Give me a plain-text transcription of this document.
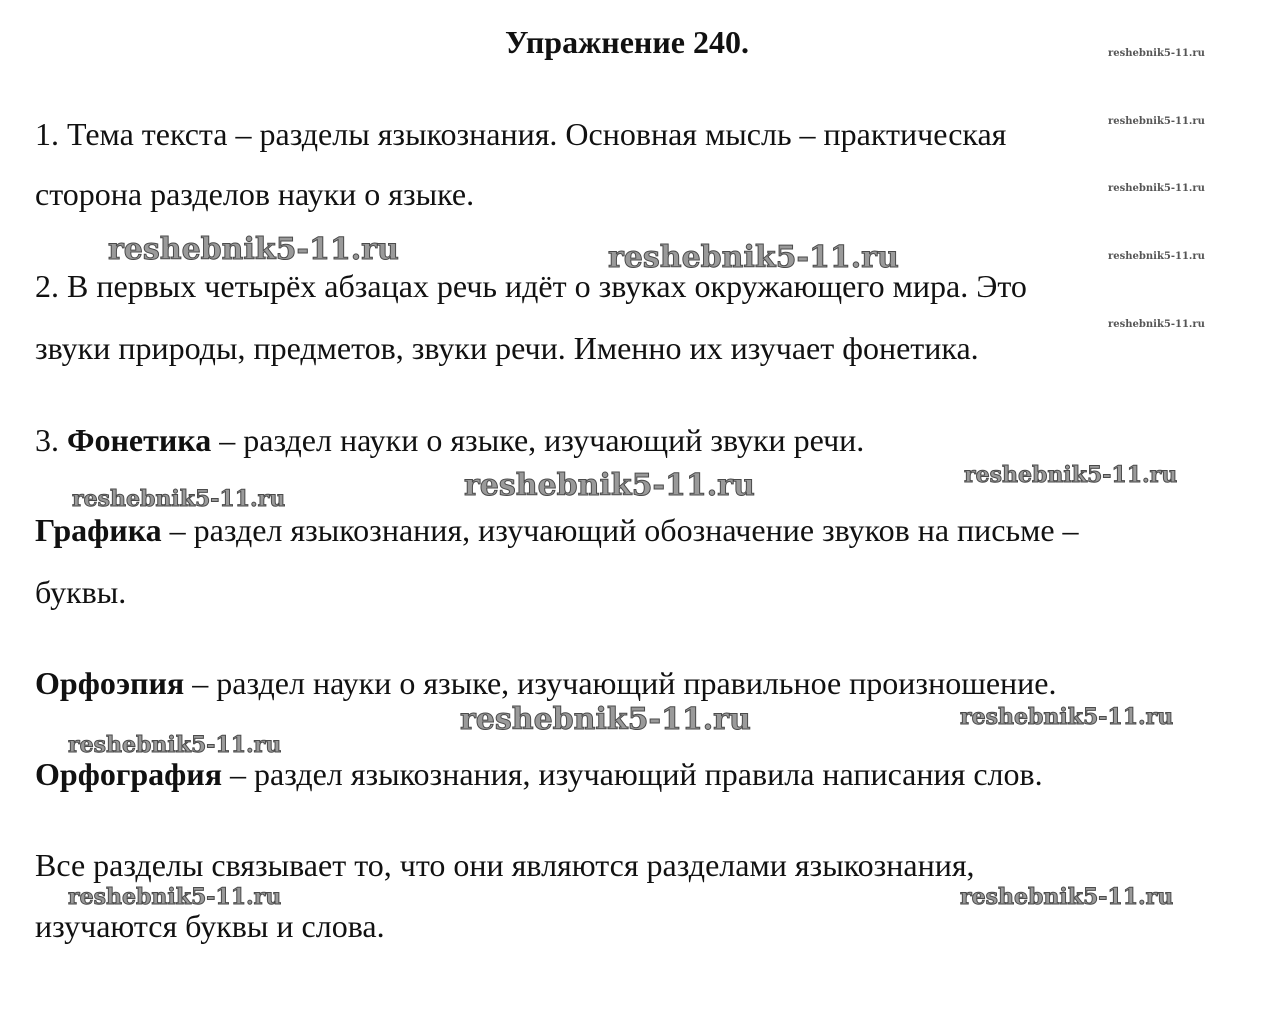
Упражнение 240.
1. Тема текста – разделы языкознания. Основная мысль – практическая
сторона разделов науки о языке.
2. В первых четырёх абзацах речь идёт о звуках окружающего мира. Это
звуки природы, предметов, звуки речи. Именно их изучает фонетика.
3. Фонетика – раздел науки о языке, изучающий звуки речи.
Графика – раздел языкознания, изучающий обозначение звуков на письме –
буквы.
Орфоэпия – раздел науки о языке, изучающий правильное произношение.
Орфография – раздел языкознания, изучающий правила написания слов.
Все разделы связывает то, что они являются разделами языкознания,
изучаются буквы и слова.
reshebnik5-11.ru
reshebnik5-11.ru
reshebnik5-11.ru
reshebnik5-11.ru
reshebnik5-11.ru
reshebnik5-11.ru	reshebnik5-11.ru
reshebnik5-11.ru
reshebnik5-11.ru
reshebnik5-11.ru
reshebnik5-11.ru
reshebnik5-11.ru
reshebnik5-11.ru
reshebnik5-11.ru	reshebnik5-11.ru
